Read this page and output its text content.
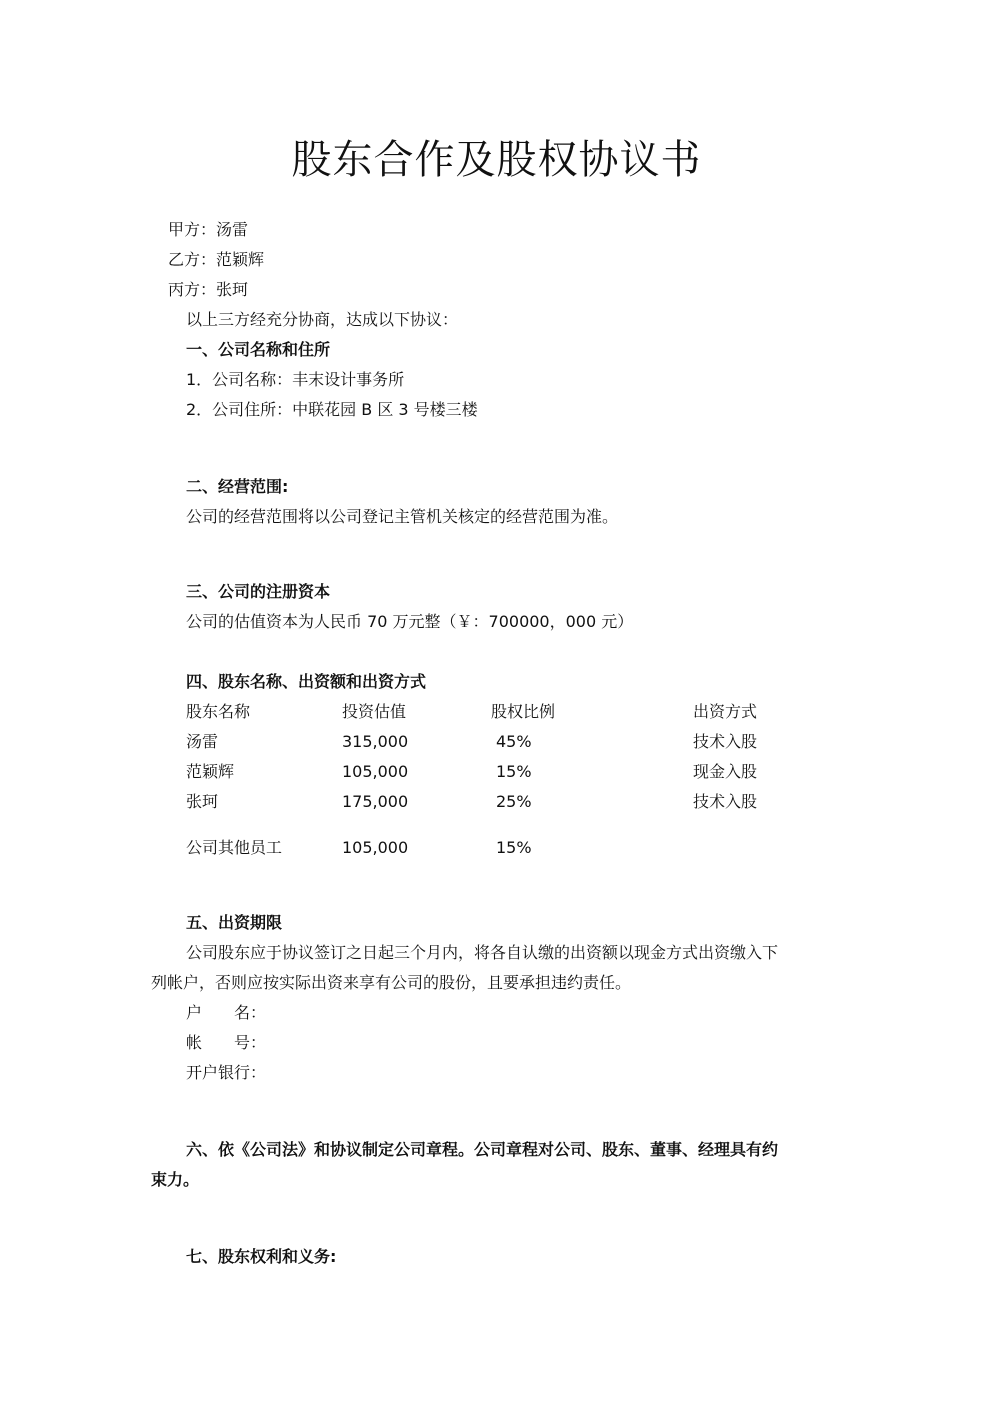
股东合作及股权协议书
甲方：汤雷
乙方：范颖辉
丙方：张珂
以上三方经充分协商，达成以下协议：
一、公司名称和住所
1．公司名称：丰末设计事务所
2．公司住所：中联花园 B 区 3 号楼三楼
二、经营范围:
公司的经营范围将以公司登记主管机关核定的经营范围为准。
三、公司的注册资本
公司的估值资本为人民币 70 万元整（￥：700000，000 元）
四、股东名称、出资额和出资方式
股东名称	投资估值	股权比例	出资方式
汤雷	315,000	45%	技术入股
范颖辉	105,000	15%	现金入股
张珂	175,000	25%	技术入股
公司其他员工	105,000	15%
五、出资期限
公司股东应于协议签订之日起三个月内，将各自认缴的出资额以现金方式出资缴入下
列帐户，否则应按实际出资来享有公司的股份，且要承担违约责任。
户　　名：
帐　　号：
开户银行：
六、依《公司法》和协议制定公司章程。公司章程对公司、股东、董事、经理具有约
束力。
七、股东权利和义务:
